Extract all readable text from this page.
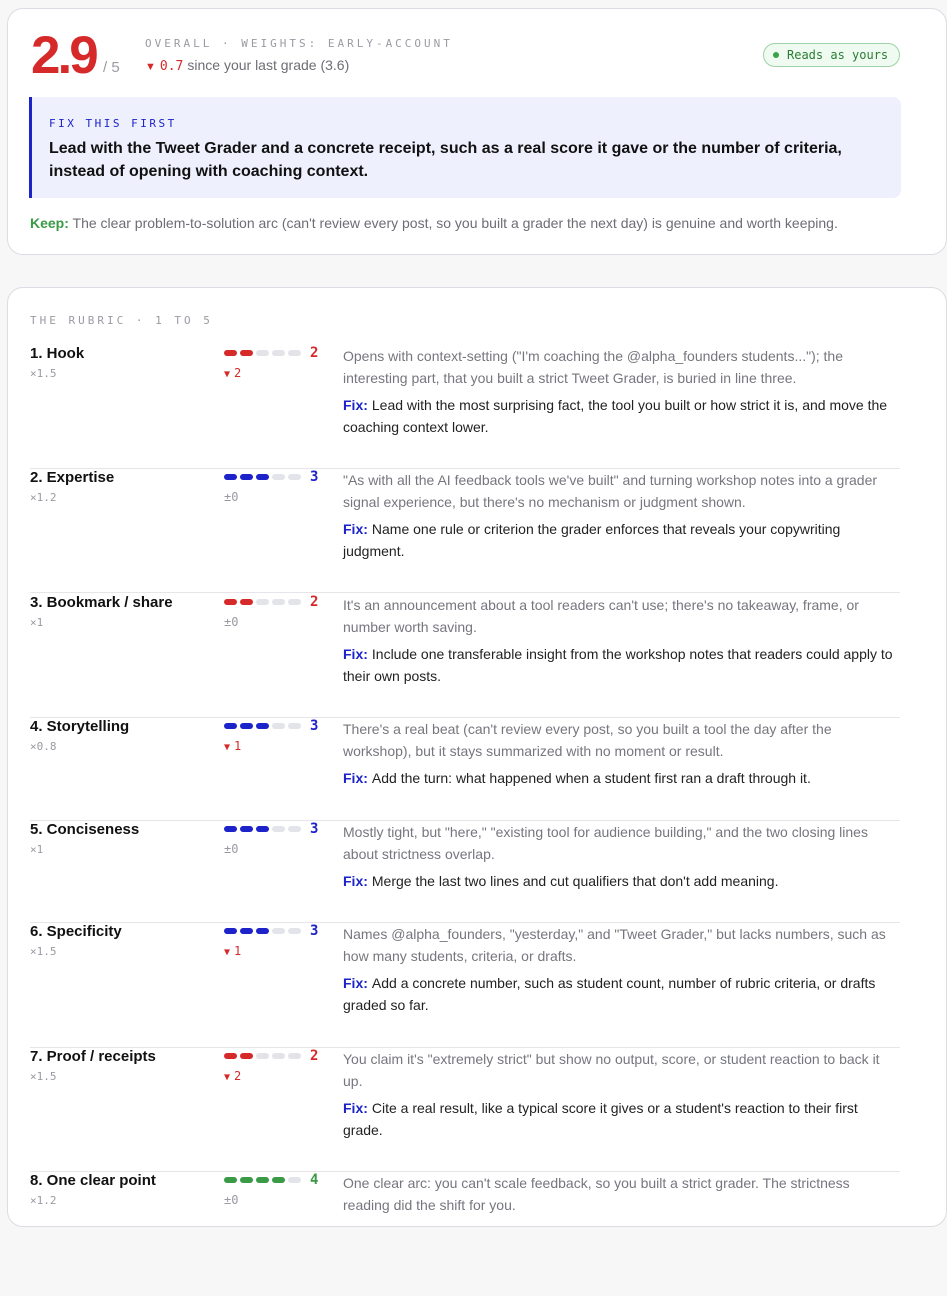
2.9 / 5
OVERALL · WEIGHTS: EARLY-ACCOUNT
▼ 0.7 since your last grade (3.6)
Reads as yours
FIX THIS FIRST
Lead with the Tweet Grader and a concrete receipt, such as a real score it gave or the number of criteria, instead of opening with coaching context.
Keep: The clear problem-to-solution arc (can't review every post, so you built a grader the next day) is genuine and worth keeping.
THE RUBRIC · 1 TO 5
1. Hook
×1.5
2
▼ 2
Opens with context-setting ("I'm coaching the @alpha_founders students..."); the interesting part, that you built a strict Tweet Grader, is buried in line three.
Fix: Lead with the most surprising fact, the tool you built or how strict it is, and move the coaching context lower.
2. Expertise
×1.2
3
±0
"As with all the AI feedback tools we've built" and turning workshop notes into a grader signal experience, but there's no mechanism or judgment shown.
Fix: Name one rule or criterion the grader enforces that reveals your copywriting judgment.
3. Bookmark / share
×1
2
±0
It's an announcement about a tool readers can't use; there's no takeaway, frame, or number worth saving.
Fix: Include one transferable insight from the workshop notes that readers could apply to their own posts.
4. Storytelling
×0.8
3
▼ 1
There's a real beat (can't review every post, so you built a tool the day after the workshop), but it stays summarized with no moment or result.
Fix: Add the turn: what happened when a student first ran a draft through it.
5. Conciseness
×1
3
±0
Mostly tight, but "here," "existing tool for audience building," and the two closing lines about strictness overlap.
Fix: Merge the last two lines and cut qualifiers that don't add meaning.
6. Specificity
×1.5
3
▼ 1
Names @alpha_founders, "yesterday," and "Tweet Grader," but lacks numbers, such as how many students, criteria, or drafts.
Fix: Add a concrete number, such as student count, number of rubric criteria, or drafts graded so far.
7. Proof / receipts
×1.5
2
▼ 2
You claim it's "extremely strict" but show no output, score, or student reaction to back it up.
Fix: Cite a real result, like a typical score it gives or a student's reaction to their first grade.
8. One clear point
×1.2
4
±0
One clear arc: you can't scale feedback, so you built a strict grader. The strictness reading did the shift for you.
